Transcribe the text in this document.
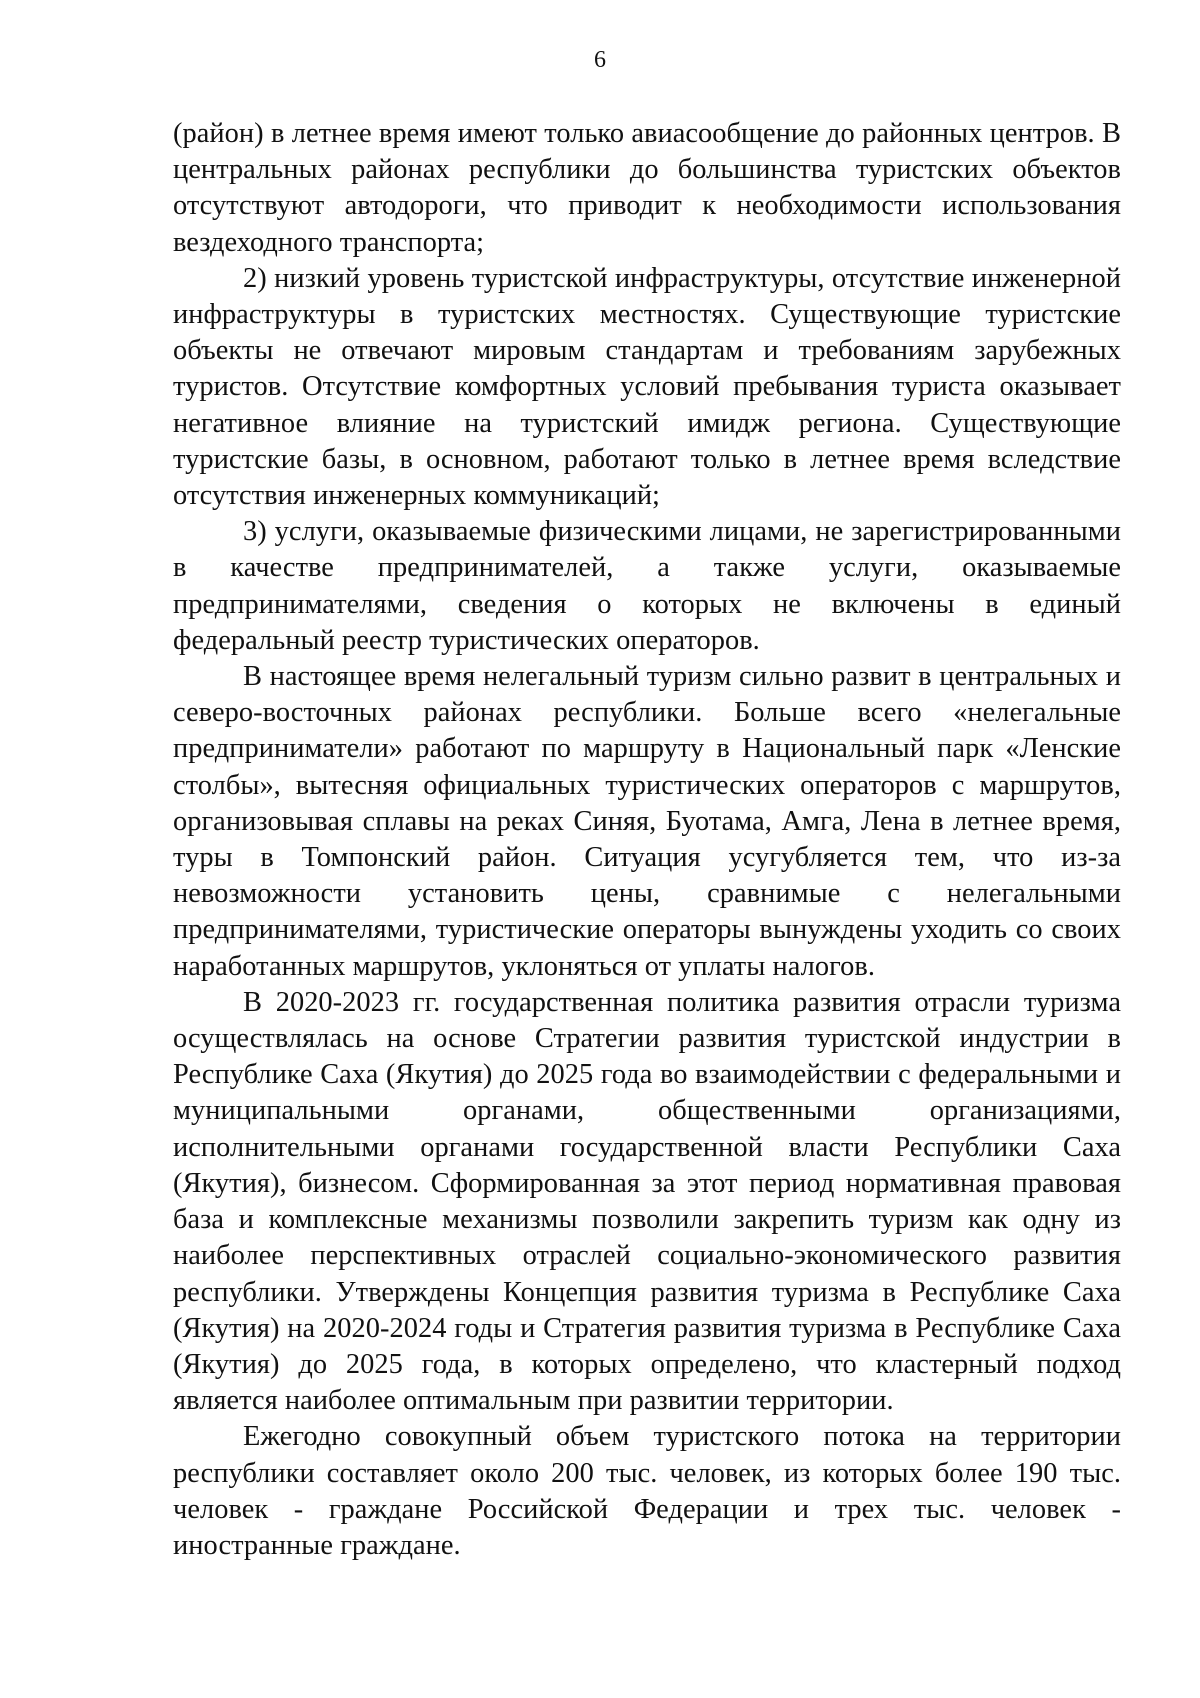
6

(район) в летнее время имеют только авиасообщение до районных центров. В центральных районах республики до большинства туристских объектов отсутствуют автодороги, что приводит к необходимости использования вездеходного транспорта;

2) низкий уровень туристской инфраструктуры, отсутствие инженерной инфраструктуры в туристских местностях. Существующие туристские объекты не отвечают мировым стандартам и требованиям зарубежных туристов. Отсутствие комфортных условий пребывания туриста оказывает негативное влияние на туристский имидж региона. Существующие туристские базы, в основном, работают только в летнее время вследствие отсутствия инженерных коммуникаций;

3) услуги, оказываемые физическими лицами, не зарегистрированными в качестве предпринимателей, а также услуги, оказываемые предпринимателями, сведения о которых не включены в единый федеральный реестр туристических операторов.

В настоящее время нелегальный туризм сильно развит в центральных и северо-восточных районах республики. Больше всего «нелегальные предприниматели» работают по маршруту в Национальный парк «Ленские столбы», вытесняя официальных туристических операторов с маршрутов, организовывая сплавы на реках Синяя, Буотама, Амга, Лена в летнее время, туры в Томпонский район. Ситуация усугубляется тем, что из-за невозможности установить цены, сравнимые с нелегальными предпринимателями, туристические операторы вынуждены уходить со своих наработанных маршрутов, уклоняться от уплаты налогов.

В 2020-2023 гг. государственная политика развития отрасли туризма осуществлялась на основе Стратегии развития туристской индустрии в Республике Саха (Якутия) до 2025 года во взаимодействии с федеральными и муниципальными органами, общественными организациями, исполнительными органами государственной власти Республики Саха (Якутия), бизнесом. Сформированная за этот период нормативная правовая база и комплексные механизмы позволили закрепить туризм как одну из наиболее перспективных отраслей социально-экономического развития республики. Утверждены Концепция развития туризма в Республике Саха (Якутия) на 2020-2024 годы и Стратегия развития туризма в Республике Саха (Якутия) до 2025 года, в которых определено, что кластерный подход является наиболее оптимальным при развитии территории.

Ежегодно совокупный объем туристского потока на территории республики составляет около 200 тыс. человек, из которых более 190 тыс. человек - граждане Российской Федерации и трех тыс. человек - иностранные граждане.
